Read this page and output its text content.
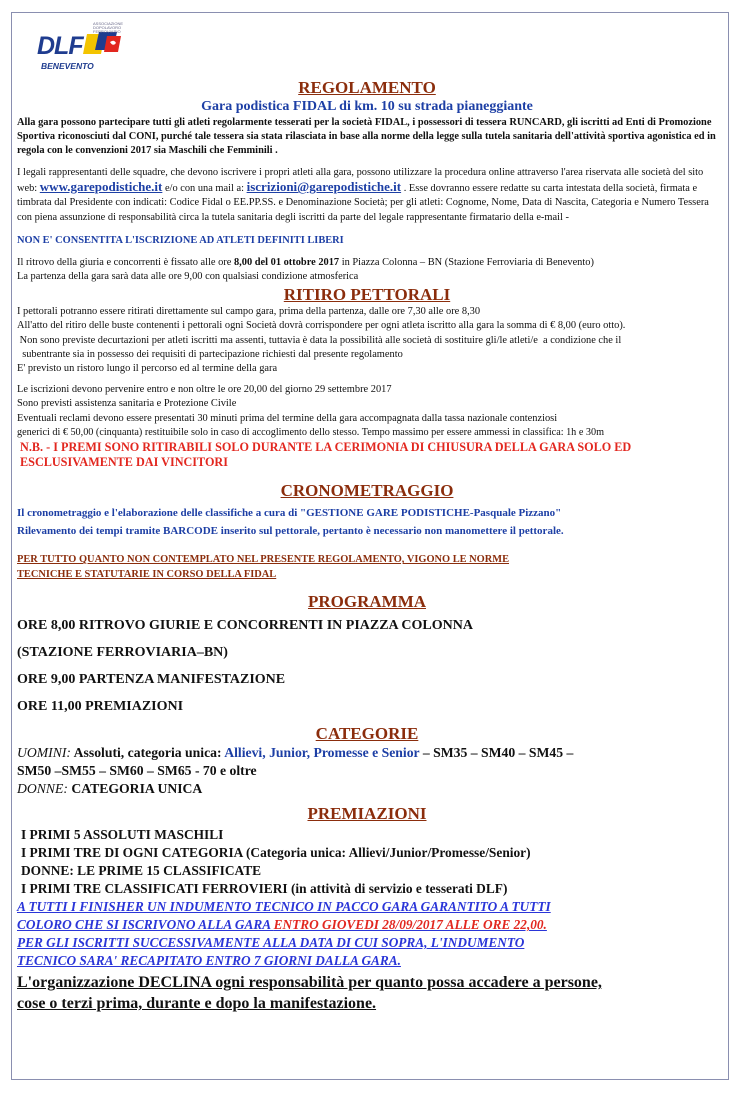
ASSOCIAZIONE
DOPOLAVORO
FERROVIARIO
DLF
BENEVENTO
REGOLAMENTO
Gara podistica FIDAL di km. 10 su strada pianeggiante

Alla gara possono partecipare tutti gli atleti regolarmente tesserati per la società FIDAL, i possessori di tessera RUNCARD, gli iscritti ad Enti di Promozione Sportiva riconosciuti dal CONI, purché tale tessera sia stata rilasciata in base alla norme della legge sulla tutela sanitaria dell'attività sportiva agonistica ed in regola con le convenzioni 2017 sia Maschili che Femminili .

I legali rappresentanti delle squadre, che devono iscrivere i propri atleti alla gara, possono utilizzare la procedura online attraverso l'area riservata alle società del sito web: www.garepodistiche.it e/o con una mail a: iscrizioni@garepodistiche.it . Esse dovranno essere redatte su carta intestata della società, firmata e timbrata dal Presidente con indicati: Codice Fidal o EE.PP.SS. e Denominazione Società; per gli atleti: Cognome, Nome, Data di Nascita, Categoria e Numero Tessera con piena assunzione di responsabilità circa la tutela sanitaria degli iscritti da parte del legale rappresentante firmatario della e-mail -

NON E' CONSENTITA L'ISCRIZIONE AD ATLETI DEFINITI LIBERI

Il ritrovo della giuria e concorrenti è fissato alle ore 8,00 del 01 ottobre 2017 in Piazza Colonna – BN (Stazione Ferroviaria di Benevento)

La partenza della gara sarà data alle ore 9,00 con qualsiasi condizione atmosferica

RITIRO PETTORALI

I pettorali potranno essere ritirati direttamente sul campo gara, prima della partenza, dalle ore 7,30 alle ore 8,30

All'atto del ritiro delle buste contenenti i pettorali ogni Società dovrà corrispondere per ogni atleta iscritto alla gara la somma di € 8,00 (euro otto).

Non sono previste decurtazioni per atleti iscritti ma assenti, tuttavia è data la possibilità alle società di sostituire gli/le atleti/e  a condizione che il

subentrante sia in possesso dei requisiti di partecipazione richiesti dal presente regolamento

E' previsto un ristoro lungo il percorso ed al termine della gara

Le iscrizioni devono pervenire entro e non oltre le ore 20,00 del giorno 29 settembre 2017

Sono previsti assistenza sanitaria e Protezione Civile

Eventuali reclami devono essere presentati 30 minuti prima del termine della gara accompagnata dalla tassa nazionale contenziosi

generici di € 50,00 (cinquanta) restituibile solo in caso di accoglimento dello stesso. Tempo massimo per essere ammessi in classifica: 1h e 30m

N.B. - I PREMI SONO RITIRABILI SOLO DURANTE LA CERIMONIA DI CHIUSURA DELLA GARA SOLO ED

ESCLUSIVAMENTE DAI VINCITORI

CRONOMETRAGGIO

Il cronometraggio e l'elaborazione delle classifiche a cura di "GESTIONE GARE PODISTICHE-Pasquale Pizzano"

Rilevamento dei tempi tramite BARCODE inserito sul pettorale, pertanto è necessario non manomettere il pettorale.

PER TUTTO QUANTO NON CONTEMPLATO NEL PRESENTE REGOLAMENTO, VIGONO LE NORME

TECNICHE E STATUTARIE IN CORSO DELLA FIDAL

PROGRAMMA

ORE 8,00 RITROVO GIURIE E CONCORRENTI IN PIAZZA COLONNA

(STAZIONE FERROVIARIA–BN)

ORE 9,00 PARTENZA MANIFESTAZIONE

ORE 11,00 PREMIAZIONI

CATEGORIE

UOMINI: Assoluti, categoria unica: Allievi, Junior, Promesse e Senior – SM35 – SM40 – SM45 –

SM50 –SM55 – SM60 – SM65 - 70 e oltre

DONNE: CATEGORIA UNICA

PREMIAZIONI

I PRIMI 5 ASSOLUTI MASCHILI

I PRIMI TRE DI OGNI CATEGORIA (Categoria unica: Allievi/Junior/Promesse/Senior)

DONNE: LE PRIME 15 CLASSIFICATE

I PRIMI TRE CLASSIFICATI FERROVIERI (in attività di servizio e tesserati DLF)

A TUTTI I FINISHER UN INDUMENTO TECNICO IN PACCO GARA GARANTITO A TUTTI

COLORO CHE SI ISCRIVONO ALLA GARA ENTRO GIOVEDI 28/09/2017 ALLE ORE 22,00.

PER GLI ISCRITTI SUCCESSIVAMENTE ALLA DATA DI CUI SOPRA, L'INDUMENTO

TECNICO SARA' RECAPITATO ENTRO 7 GIORNI DALLA GARA.

L'organizzazione DECLINA ogni responsabilità per quanto possa accadere a persone,

cose o terzi prima, durante e dopo la manifestazione.
